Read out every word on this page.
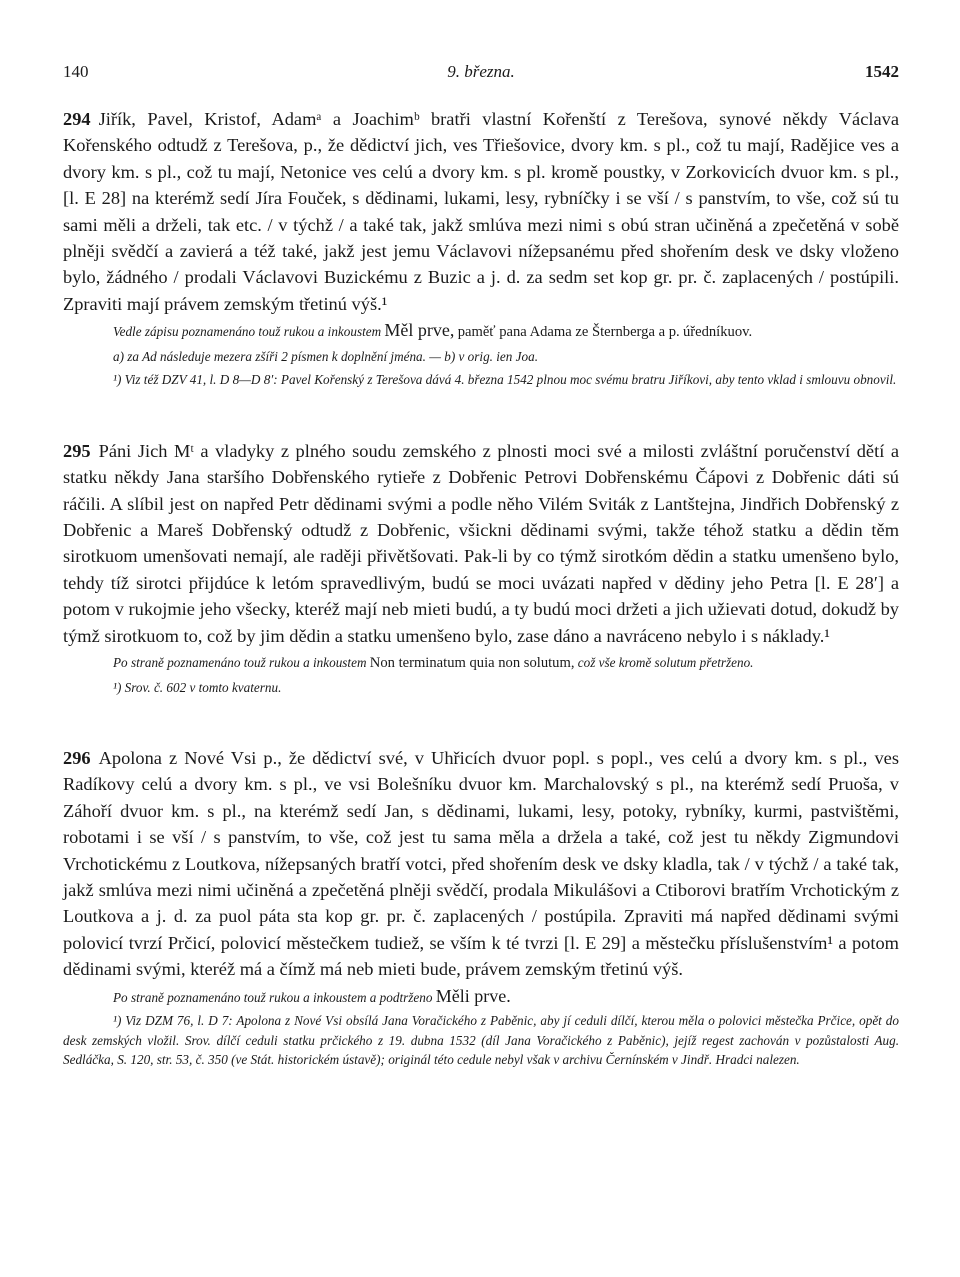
140	9. března.	1542

294 Jiřík, Pavel, Kristof, Adamᵃ a Joachimᵇ bratři vlastní Kořenští z Terešova, synové někdy Václava Kořenského odtudž z Terešova, p., že dědictví jich, ves Třiešovice, dvory km. s pl., což tu mají, Radějice ves a dvory km. s pl., což tu mají, Netonice ves celú a dvory km. s pl. kromě poustky, v Zorkovicích dvuor km. s pl., [l. E 28] na kterémž sedí Jíra Fouček, s dědinami, lukami, lesy, rybníčky i se vší / s panstvím, to vše, což sú tu sami měli a drželi, tak etc. / v týchž / a také tak, jakž smlúva mezi nimi s obú stran učiněná a zpečetěná v sobě plněji svědčí a zavierá a též také, jakž jest jemu Václavovi nížepsanému před shořením desk ve dsky vloženo bylo, žádného / prodali Václavovi Buzickému z Buzic a j. d. za sedm set kop gr. pr. č. zaplacených / postúpili. Zpraviti mají právem zemským třetinú výš.¹

Vedle zápisu poznamenáno touž rukou a inkoustem Měl prve, paměť pana Adama ze Šternberga a p. úředníkuov.

a) za Ad následuje mezera zšíři 2 písmen k doplnění jména. — b) v orig. ien Joa.

¹) Viz též DZV 41, l. D 8—D 8′: Pavel Kořenský z Terešova dává 4. března 1542 plnou moc svému bratru Jiříkovi, aby tento vklad i smlouvu obnovil.

295 Páni Jich Mᵗ a vladyky z plného soudu zemského z plnosti moci své a milosti zvláštní poručenství dětí a statku někdy Jana staršího Dobřenského rytieře z Dobřenic Petrovi Dobřenskému Čápovi z Dobřenic dáti sú ráčili. A slíbil jest on napřed Petr dědinami svými a podle něho Vilém Sviták z Lantštejna, Jindřich Dobřenský z Dobřenic a Mareš Dobřenský odtudž z Dobřenic, všickni dědinami svými, takže téhož statku a dědin těm sirotkuom umenšovati nemají, ale raději přivětšovati. Pak-li by co týmž sirotkóm dědin a statku umenšeno bylo, tehdy tíž sirotci přijdúce k letóm spravedlivým, budú se moci uvázati napřed v dědiny jeho Petra [l. E 28′] a potom v rukojmie jeho všecky, kteréž mají neb mieti budú, a ty budú moci držeti a jich užievati dotud, dokudž by týmž sirotkuom to, což by jim dědin a statku umenšeno bylo, zase dáno a navráceno nebylo i s náklady.¹

Po straně poznamenáno touž rukou a inkoustem Non terminatum quia non solutum, což vše kromě solutum přetrženo.

¹) Srov. č. 602 v tomto kvaternu.

296 Apolona z Nové Vsi p., že dědictví své, v Uhřicích dvuor popl. s popl., ves celú a dvory km. s pl., ves Radíkovy celú a dvory km. s pl., ve vsi Bolešníku dvuor km. Marchalovský s pl., na kterémž sedí Pruoša, v Záhoří dvuor km. s pl., na kterémž sedí Jan, s dědinami, lukami, lesy, potoky, rybníky, kurmi, pastvištěmi, robotami i se vší / s panstvím, to vše, což jest tu sama měla a držela a také, což jest tu někdy Zigmundovi Vrchotickému z Loutkova, nížepsaných bratří votci, před shořením desk ve dsky kladla, tak / v týchž / a také tak, jakž smlúva mezi nimi učiněná a zpečetěná plněji svědčí, prodala Mikulášovi a Ctiborovi bratřím Vrchotickým z Loutkova a j. d. za puol páta sta kop gr. pr. č. zaplacených / postúpila. Zpraviti má napřed dědinami svými polovicí tvrzí Prčicí, polovicí městečkem tudiež, se vším k té tvrzi [l. E 29] a městečku příslušenstvím¹ a potom dědinami svými, kteréž má a čímž má neb mieti bude, právem zemským třetinú výš.

Po straně poznamenáno touž rukou a inkoustem a podtrženo Měli prve.

¹) Viz DZM 76, l. D 7: Apolona z Nové Vsi obsílá Jana Voračického z Paběnic, aby jí ceduli dílčí, kterou měla o polovici městečka Prčice, opět do desk zemských vložil. Srov. dílčí ceduli statku prčického z 19. dubna 1532 (díl Jana Voračického z Paběnic), jejíž regest zachován v pozůstalosti Aug. Sedláčka, S. 120, str. 53, č. 350 (ve Stát. historickém ústavě); originál této cedule nebyl však v archivu Černínském v Jindř. Hradci nalezen.
